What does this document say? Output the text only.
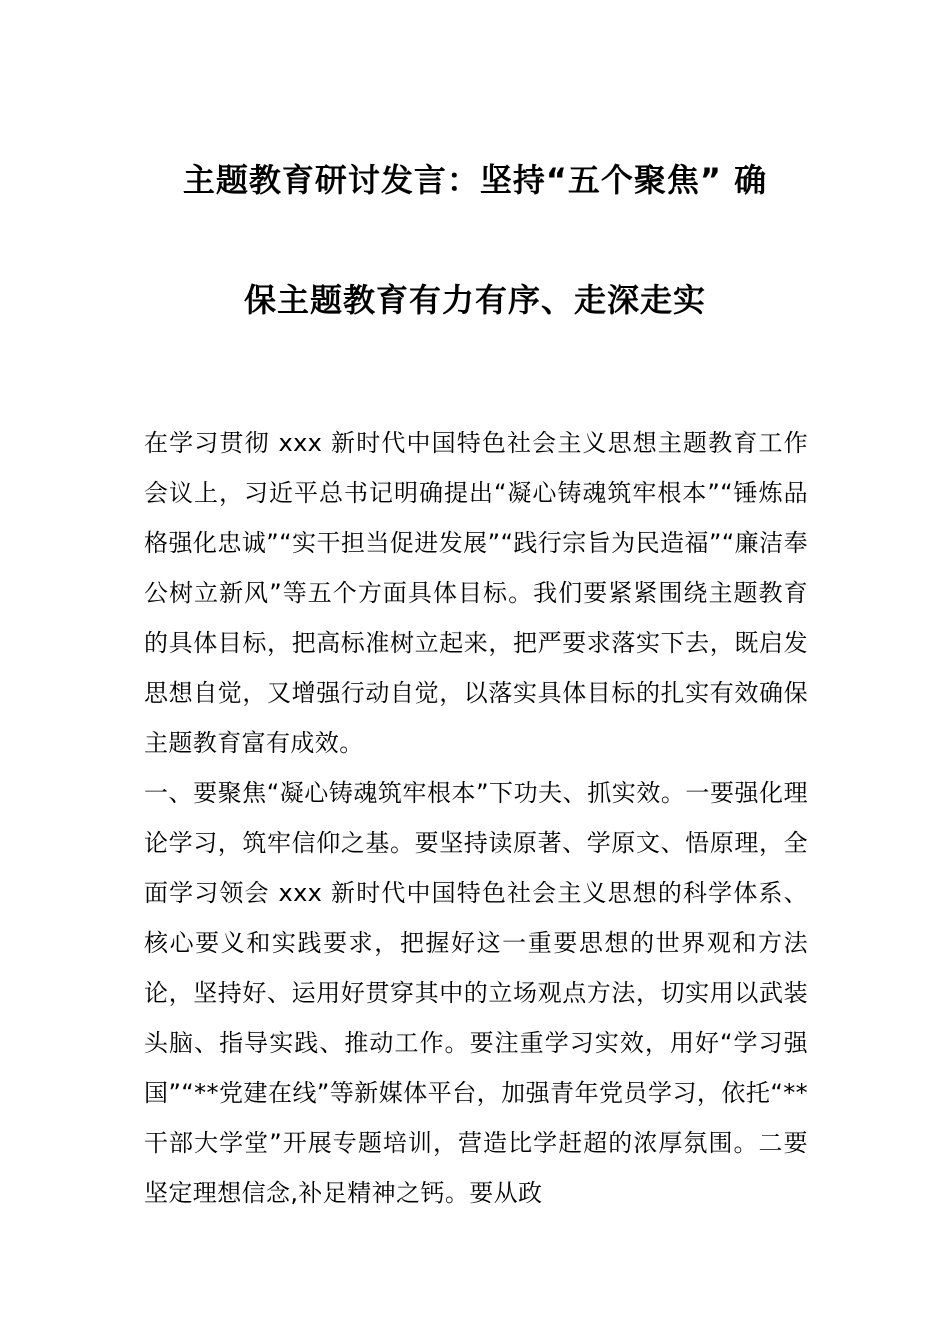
主题教育研讨发言：坚持“五个聚焦” 确
保主题教育有力有序、走深走实

在学习贯彻 xxx 新时代中国特色社会主义思想主题教育工作会议上，习近平总书记明确提出“凝心铸魂筑牢根本”“锤炼品格强化忠诚”“实干担当促进发展”“践行宗旨为民造福”“廉洁奉公树立新风”等五个方面具体目标。我们要紧紧围绕主题教育的具体目标，把高标准树立起来，把严要求落实下去，既启发思想自觉，又增强行动自觉，以落实具体目标的扎实有效确保主题教育富有成效。

一、要聚焦“凝心铸魂筑牢根本”下功夫、抓实效。一要强化理论学习，筑牢信仰之基。要坚持读原著、学原文、悟原理，全面学习领会 xxx 新时代中国特色社会主义思想的科学体系、核心要义和实践要求，把握好这一重要思想的世界观和方法论，坚持好、运用好贯穿其中的立场观点方法，切实用以武装头脑、指导实践、推动工作。要注重学习实效，用好“学习强国”“**党建在线”等新媒体平台，加强青年党员学习，依托“**干部大学堂”开展专题培训，营造比学赶超的浓厚氛围。二要坚定理想信念,补足精神之钙。要从政
